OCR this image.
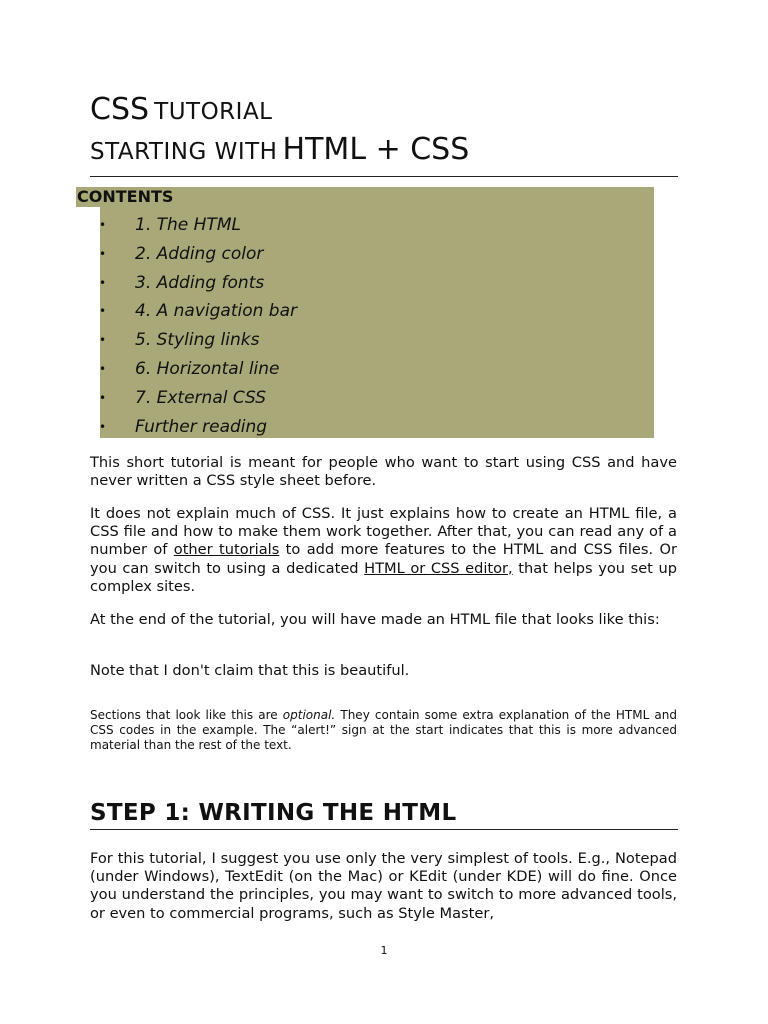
CSS TUTORIAL
STARTING WITH HTML + CSS
CONTENTS
• 1. The HTML
• 2. Adding color
• 3. Adding fonts
• 4. A navigation bar
• 5. Styling links
• 6. Horizontal line
• 7. External CSS
• Further reading

This short tutorial is meant for people who want to start using CSS and have never written a CSS style sheet before.

It does not explain much of CSS. It just explains how to create an HTML file, a CSS file and how to make them work together. After that, you can read any of a number of other tutorials to add more features to the HTML and CSS files. Or you can switch to using a dedicated HTML or CSS editor, that helps you set up complex sites.

At the end of the tutorial, you will have made an HTML file that looks like this:

Note that I don't claim that this is beautiful.

Sections that look like this are optional. They contain some extra explanation of the HTML and CSS codes in the example. The “alert!” sign at the start indicates that this is more advanced material than the rest of the text.

STEP 1: WRITING THE HTML

For this tutorial, I suggest you use only the very simplest of tools. E.g., Notepad (under Windows), TextEdit (on the Mac) or KEdit (under KDE) will do fine. Once you understand the principles, you may want to switch to more advanced tools, or even to commercial programs, such as Style Master,

1
